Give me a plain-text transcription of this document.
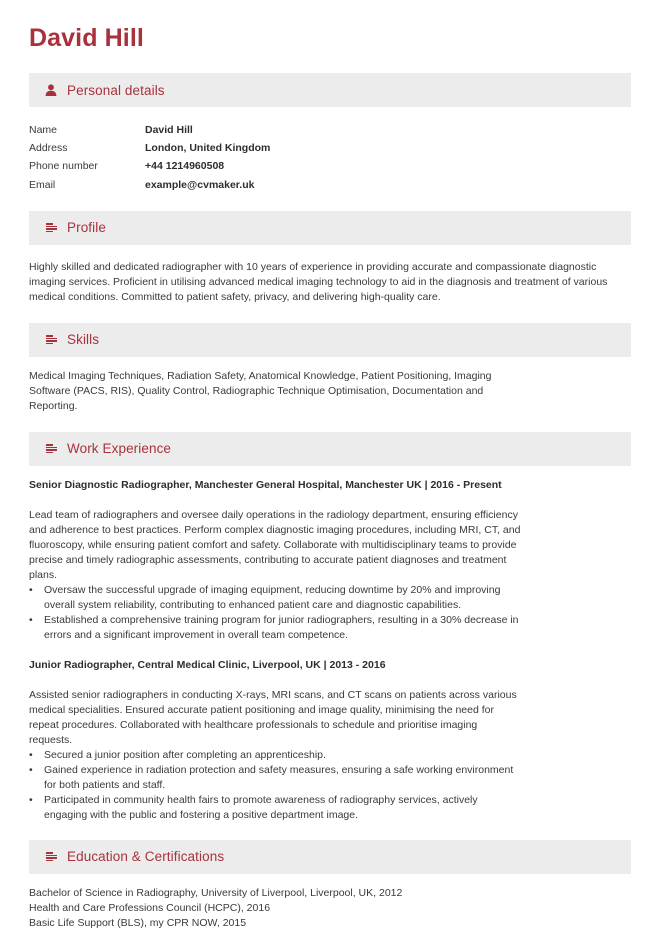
David Hill
Personal details
Name	David Hill
Address	London, United Kingdom
Phone number	+44 1214960508
Email	example@cvmaker.uk
Profile

Highly skilled and dedicated radiographer with 10 years of experience in providing accurate and compassionate diagnostic imaging services. Proficient in utilising advanced medical imaging technology to aid in the diagnosis and treatment of various medical conditions. Committed to patient safety, privacy, and delivering high-quality care.

Skills

Medical Imaging Techniques, Radiation Safety, Anatomical Knowledge, Patient Positioning, Imaging Software (PACS, RIS), Quality Control, Radiographic Technique Optimisation, Documentation and Reporting.

Work Experience

Senior Diagnostic Radiographer, Manchester General Hospital, Manchester UK | 2016 - Present

Lead team of radiographers and oversee daily operations in the radiology department, ensuring efficiency and adherence to best practices. Perform complex diagnostic imaging procedures, including MRI, CT, and fluoroscopy, while ensuring patient comfort and safety. Collaborate with multidisciplinary teams to provide precise and timely radiographic assessments, contributing to accurate patient diagnoses and treatment plans.

• Oversaw the successful upgrade of imaging equipment, reducing downtime by 20% and improving overall system reliability, contributing to enhanced patient care and diagnostic capabilities.
• Established a comprehensive training program for junior radiographers, resulting in a 30% decrease in errors and a significant improvement in overall team competence.

Junior Radiographer, Central Medical Clinic, Liverpool, UK | 2013 - 2016

Assisted senior radiographers in conducting X-rays, MRI scans, and CT scans on patients across various medical specialities. Ensured accurate patient positioning and image quality, minimising the need for repeat procedures. Collaborated with healthcare professionals to schedule and prioritise imaging requests.

• Secured a junior position after completing an apprenticeship.
• Gained experience in radiation protection and safety measures, ensuring a safe working environment for both patients and staff.
• Participated in community health fairs to promote awareness of radiography services, actively engaging with the public and fostering a positive department image.
Education & Certifications
Bachelor of Science in Radiography, University of Liverpool, Liverpool, UK, 2012
Health and Care Professions Council (HCPC), 2016
Basic Life Support (BLS), my CPR NOW, 2015
